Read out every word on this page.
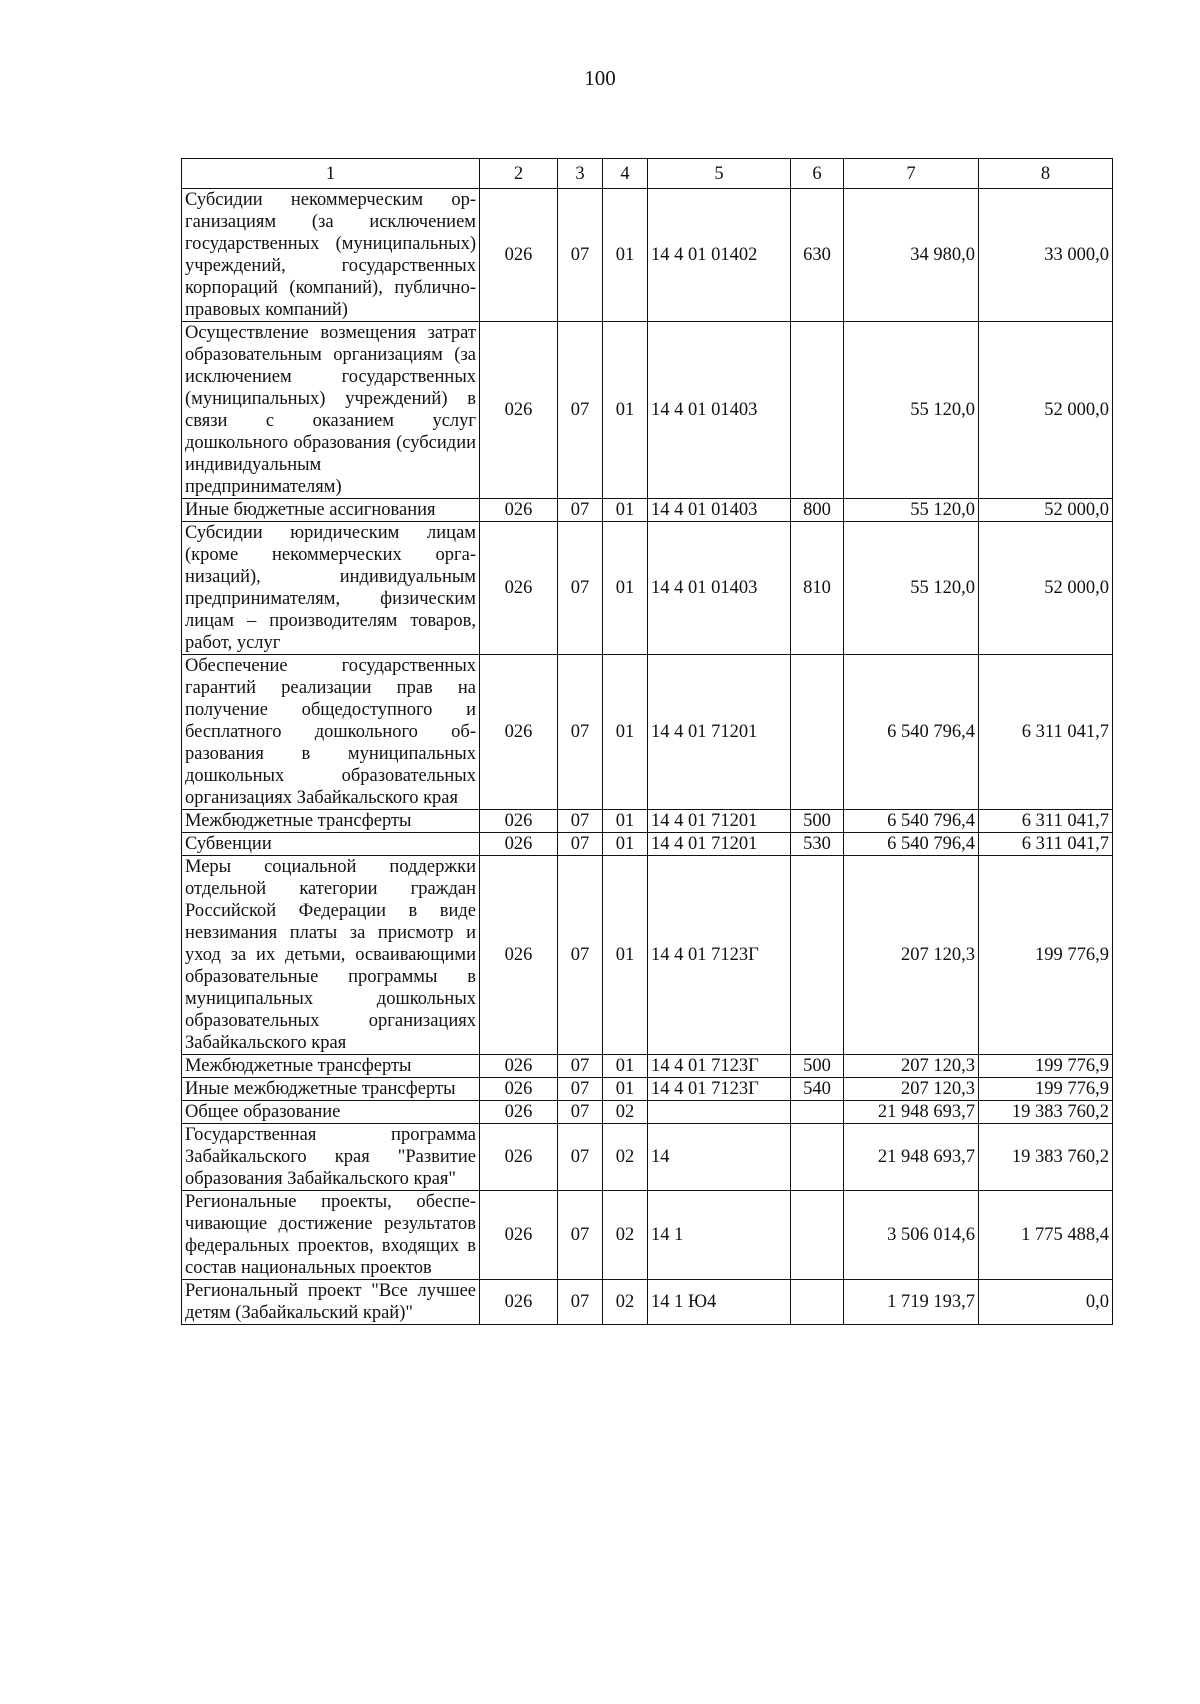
100
1	2	3	4	5	6	7	8
Субсидии некоммерческим организациям (за исключением государственных (муниципальных) учреждений, государственных корпораций (компаний), публично-правовых компаний)	026	07	01	14 4 01 01402	630	34 980,0	33 000,0
Осуществление возмещения затрат образовательным организациям (за исключением государственных (муниципальных) учреждений) в связи с оказанием услуг дошкольного образования (субсидии индивидуальным предпринимателям)	026	07	01	14 4 01 01403		55 120,0	52 000,0
Иные бюджетные ассигнования	026	07	01	14 4 01 01403	800	55 120,0	52 000,0
Субсидии юридическим лицам (кроме некоммерческих организаций), индивидуальным предпринимателям, физическим лицам – производителям товаров, работ, услуг	026	07	01	14 4 01 01403	810	55 120,0	52 000,0
Обеспечение государственных гарантий реализации прав на получение общедоступного и бесплатного дошкольного образования в муниципальных дошкольных образовательных организациях Забайкальского края	026	07	01	14 4 01 71201		6 540 796,4	6 311 041,7
Межбюджетные трансферты	026	07	01	14 4 01 71201	500	6 540 796,4	6 311 041,7
Субвенции	026	07	01	14 4 01 71201	530	6 540 796,4	6 311 041,7
Меры социальной поддержки отдельной категории граждан Российской Федерации в виде невзимания платы за присмотр и уход за их детьми, осваивающими образовательные программы в муниципальных дошкольных образовательных организациях Забайкальского края	026	07	01	14 4 01 7123Г		207 120,3	199 776,9
Межбюджетные трансферты	026	07	01	14 4 01 7123Г	500	207 120,3	199 776,9
Иные межбюджетные трансферты	026	07	01	14 4 01 7123Г	540	207 120,3	199 776,9
Общее образование	026	07	02			21 948 693,7	19 383 760,2
Государственная программа Забайкальского края "Развитие образования Забайкальского края"	026	07	02	14		21 948 693,7	19 383 760,2
Региональные проекты, обеспечивающие достижение результатов федеральных проектов, входящих в состав национальных проектов	026	07	02	14 1		3 506 014,6	1 775 488,4
Региональный проект "Все лучшее детям (Забайкальский край)"	026	07	02	14 1 Ю4		1 719 193,7	0,0
